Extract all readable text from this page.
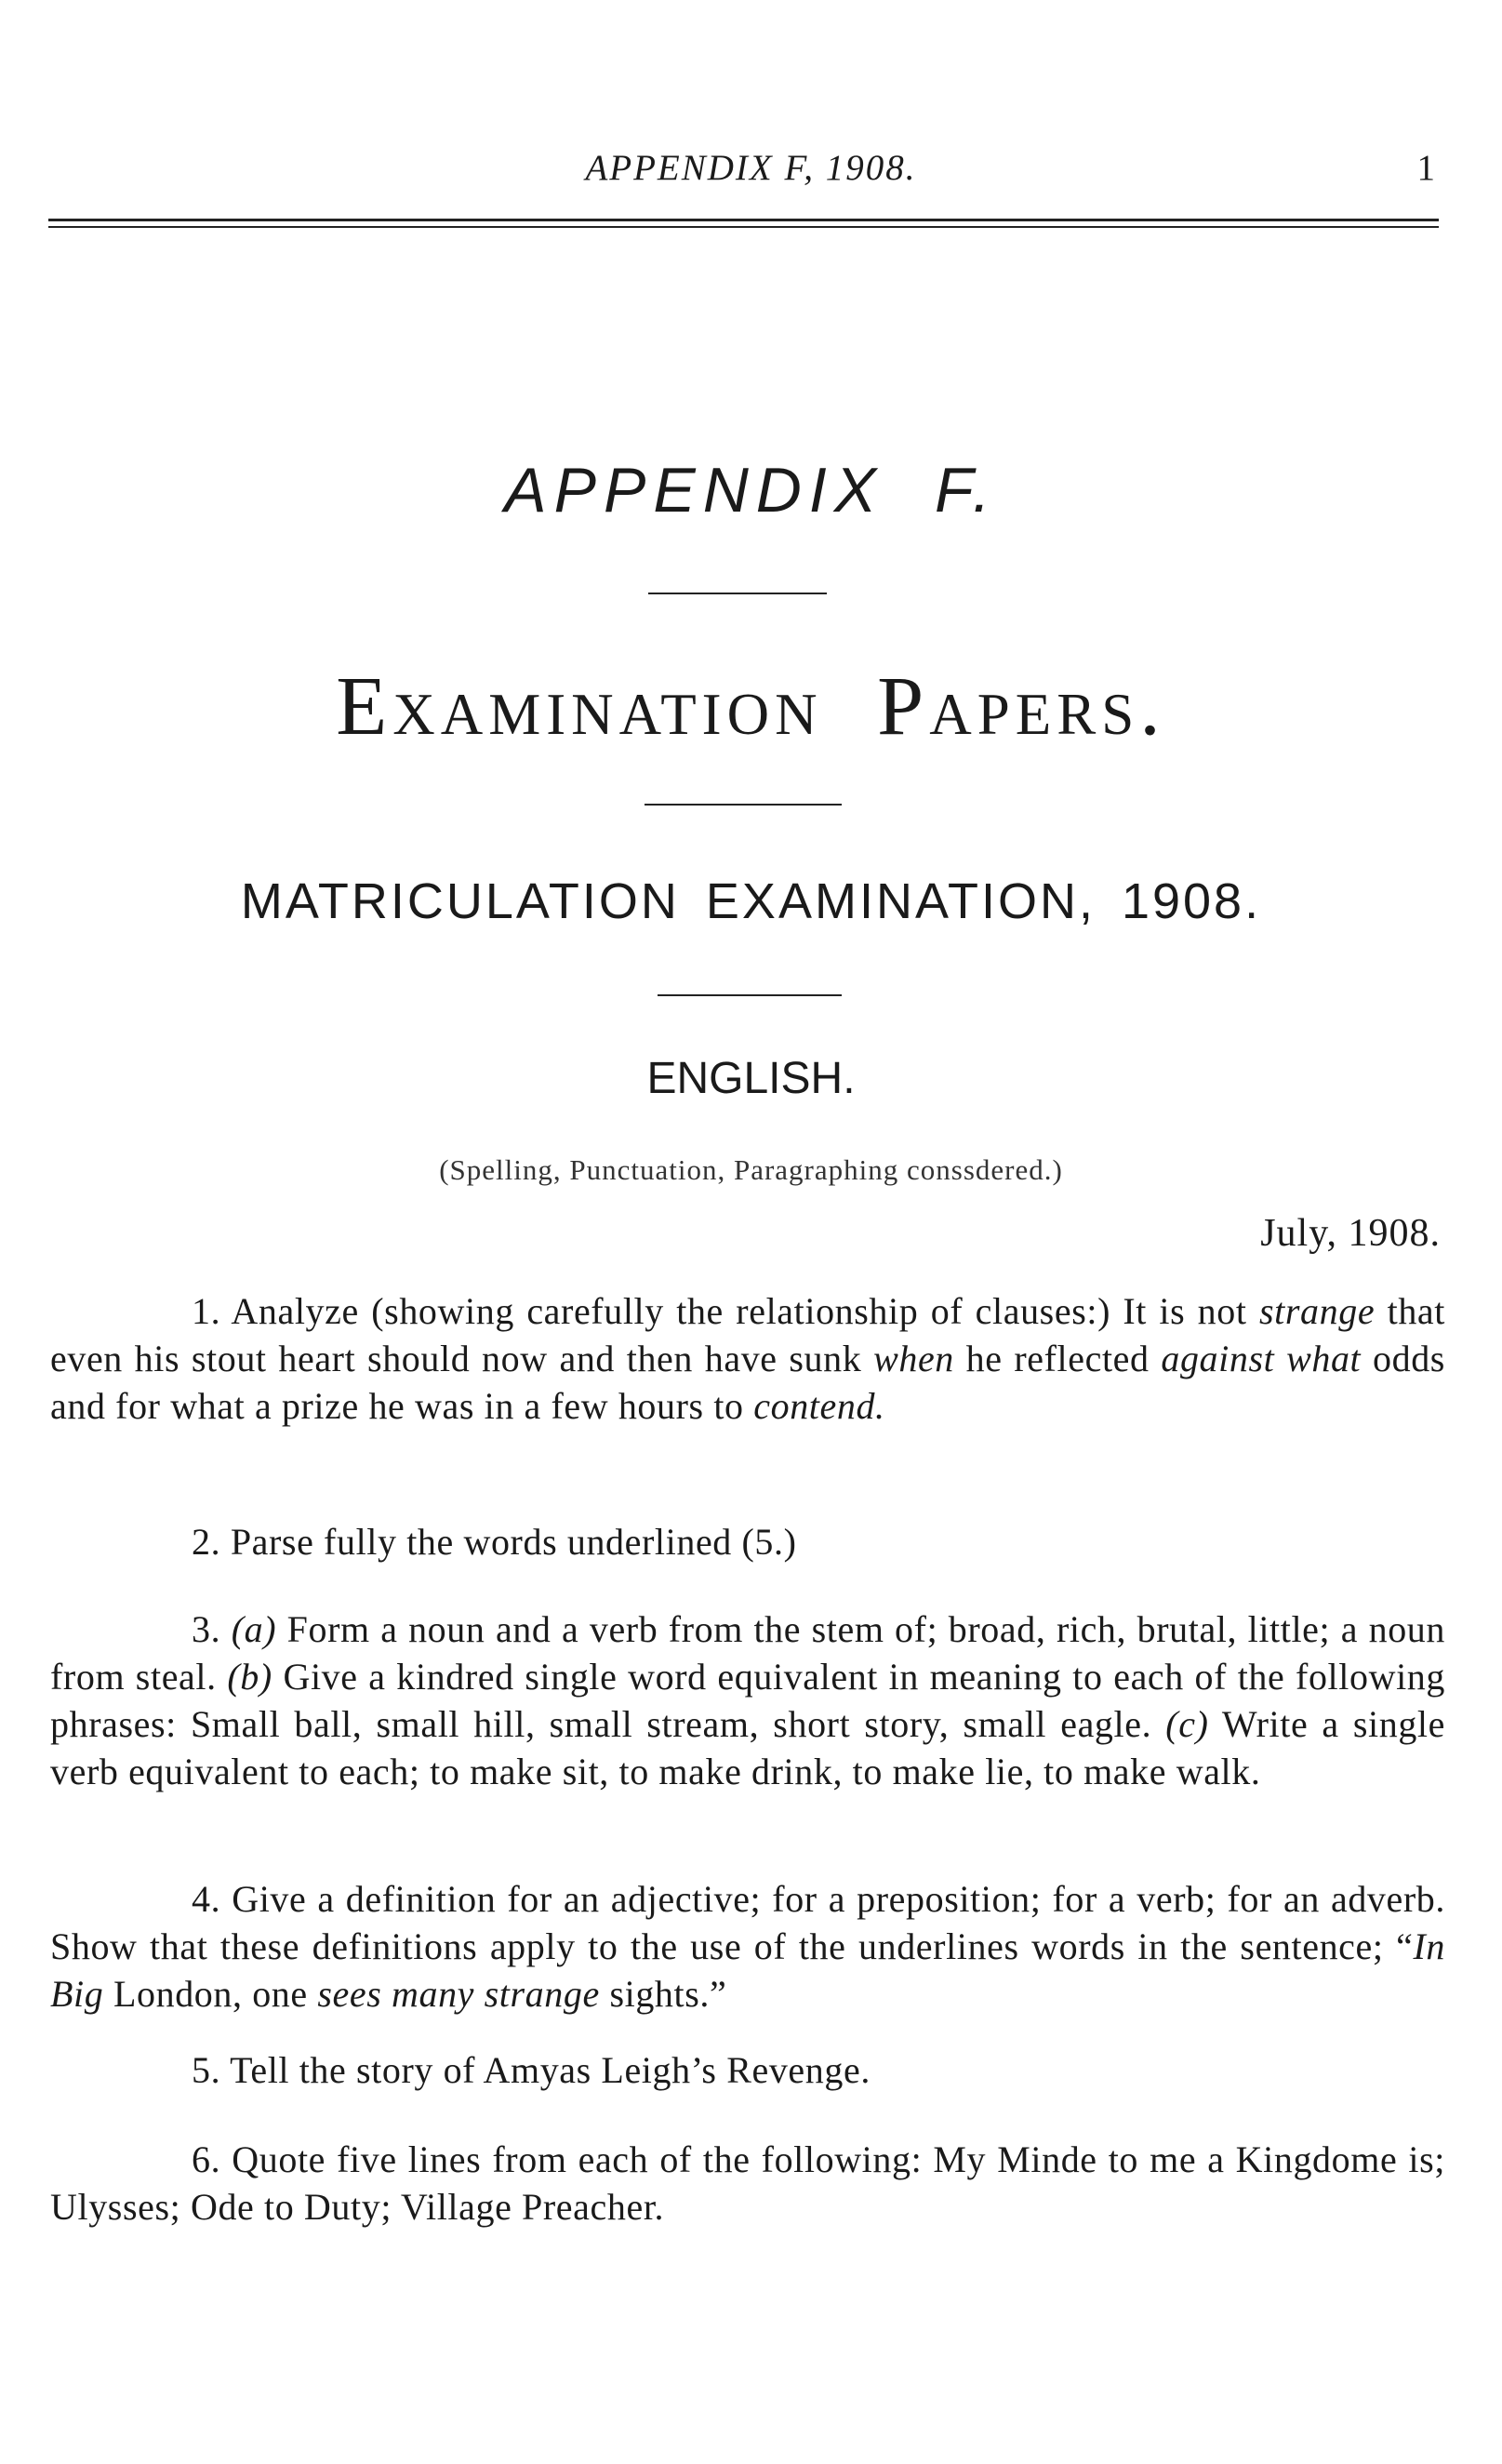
APPENDIX F, 1908.	1
APPENDIX F.
Examination Papers.
MATRICULATION EXAMINATION, 1908.
ENGLISH.
(Spelling, Punctuation, Paragraphing conssdered.)
July, 1908.
1. Analyze (showing carefully the relationship of clauses:) It is not strange that even his stout heart should now and then have sunk when he reflected against what odds and for what a prize he was in a few hours to contend.
2. Parse fully the words underlined (5.)
3. (a) Form a noun and a verb from the stem of; broad, rich, brutal, little; a noun from steal. (b) Give a kindred single word equivalent in meaning to each of the following phrases: Small ball, small hill, small stream, short story, small eagle. (c) Write a single verb equivalent to each; to make sit, to make drink, to make lie, to make walk.
4. Give a definition for an adjective; for a preposition; for a verb; for an adverb. Show that these definitions apply to the use of the underlines words in the sentence; “In Big London, one sees many strange sights.”
5. Tell the story of Amyas Leigh’s Revenge.
6. Quote five lines from each of the following: My Minde to me a Kingdome is; Ulysses; Ode to Duty; Village Preacher.
